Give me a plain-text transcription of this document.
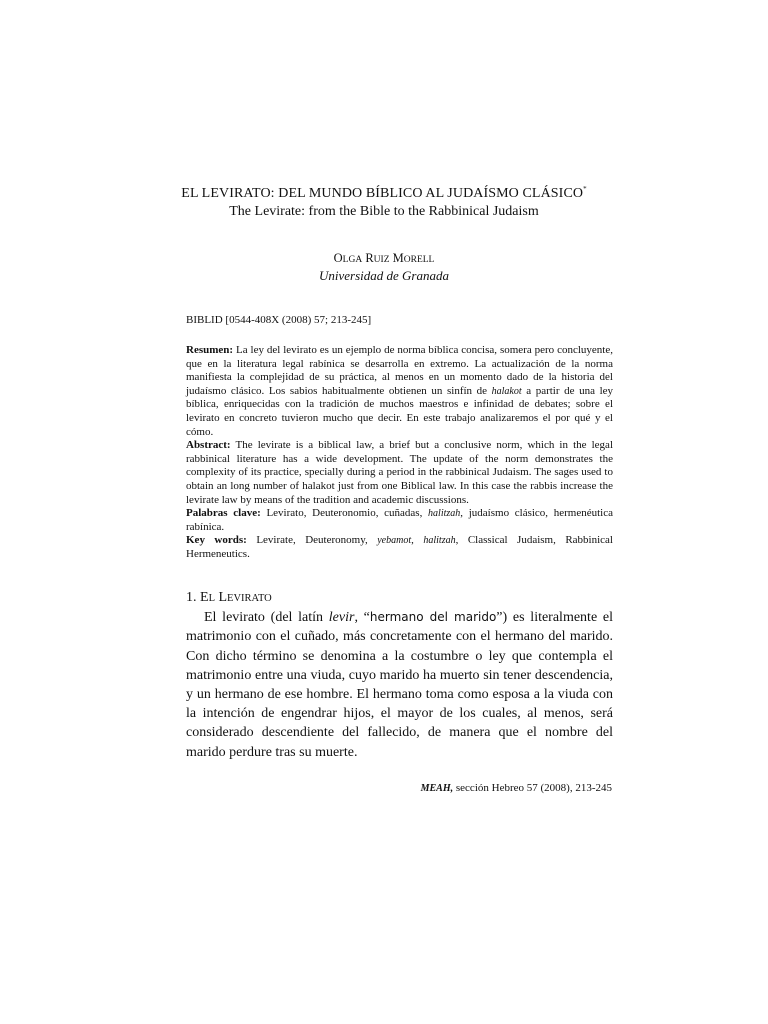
EL LEVIRATO: DEL MUNDO BÍBLICO AL JUDAÍSMO CLÁSICO*
The Levirate: from the Bible to the Rabbinical Judaism
OLGA RUIZ MORELL
Universidad de Granada
BIBLID [0544-408X (2008) 57; 213-245]

Resumen: La ley del levirato es un ejemplo de norma bíblica concisa, somera pero concluyente, que en la literatura legal rabínica se desarrolla en extremo. La actualización de la norma manifiesta la complejidad de su práctica, al menos en un momento dado de la historia del judaísmo clásico. Los sabios habitualmente obtienen un sinfín de halakot a partir de una ley bíblica, enriquecidas con la tradición de muchos maestros e infinidad de debates; sobre el levirato en concreto tuvieron mucho que decir. En este trabajo analizaremos el por qué y el cómo.

Abstract: The levirate is a biblical law, a brief but a conclusive norm, which in the legal rabbinical literature has a wide development. The update of the norm demonstrates the complexity of its practice, specially during a period in the rabbinical Judaism. The sages used to obtain an long number of halakot just from one Biblical law. In this case the rabbis increase the levirate law by means of the tradition and academic discussions.

Palabras clave: Levirato, Deuteronomio, cuñadas, halitzah, judaísmo clásico, hermenéutica rabínica.

Key words: Levirate, Deuteronomy, yebamot, halitzah, Classical Judaism, Rabbinical Hermeneutics.

1. EL LEVIRATO

El levirato (del latín levir, “hermano del marido”) es literalmente el matrimonio con el cuñado, más concretamente con el hermano del marido. Con dicho término se denomina a la costumbre o ley que contempla el matrimonio entre una viuda, cuyo marido ha muerto sin tener descendencia, y un hermano de ese hombre. El hermano toma como esposa a la viuda con la intención de engendrar hijos, el mayor de los cuales, al menos, será considerado descendiente del fallecido, de manera que el nombre del marido perdure tras su muerte.

MEAH, sección Hebreo 57 (2008), 213-245
